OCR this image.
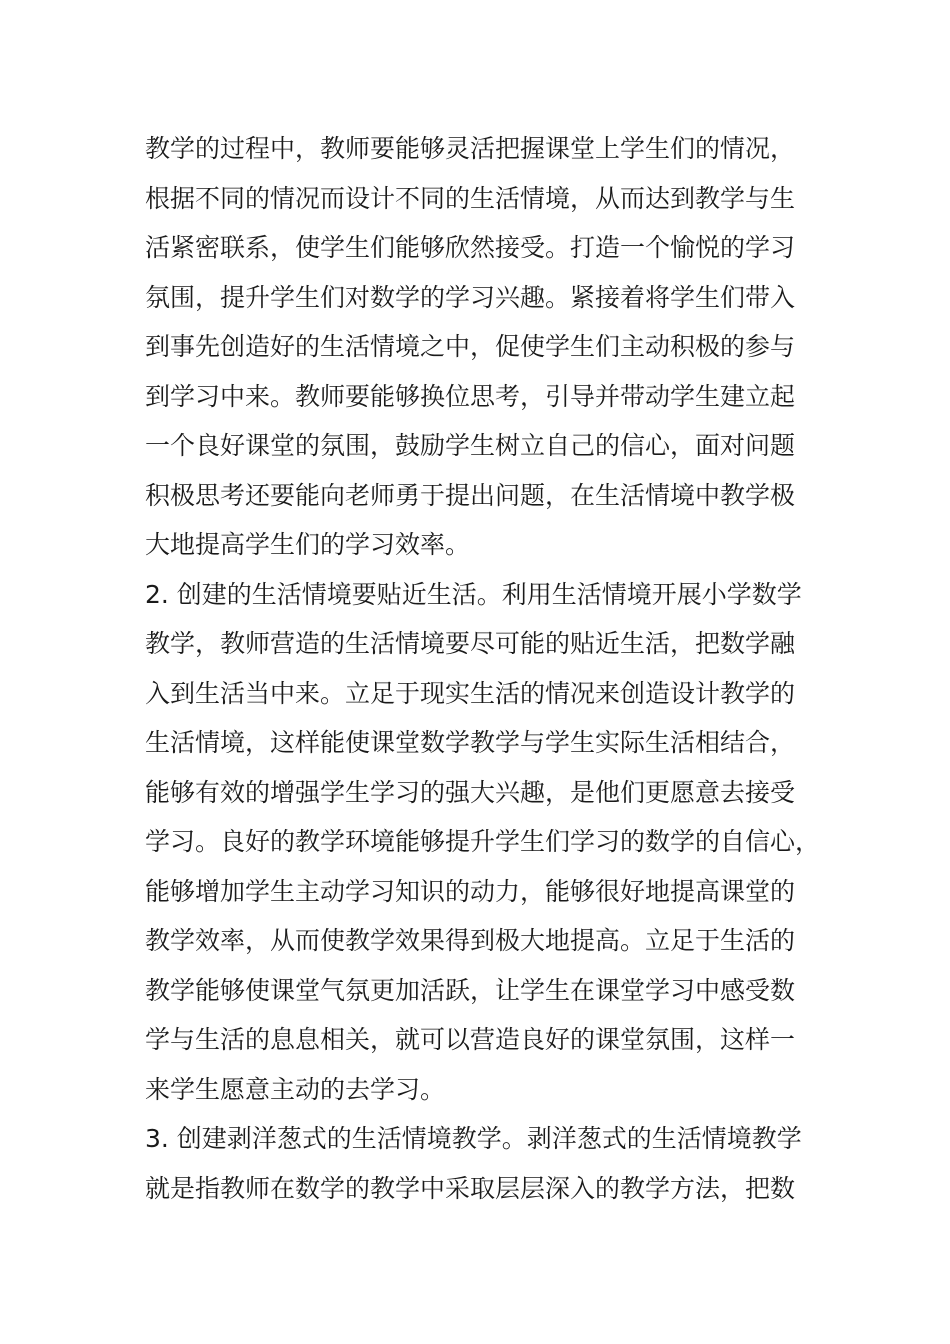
教学的过程中，教师要能够灵活把握课堂上学生们的情况，
根据不同的情况而设计不同的生活情境，从而达到教学与生
活紧密联系，使学生们能够欣然接受。打造一个愉悦的学习
氛围，提升学生们对数学的学习兴趣。紧接着将学生们带入
到事先创造好的生活情境之中，促使学生们主动积极的参与
到学习中来。教师要能够换位思考，引导并带动学生建立起
一个良好课堂的氛围，鼓励学生树立自己的信心，面对问题
积极思考还要能向老师勇于提出问题，在生活情境中教学极
大地提高学生们的学习效率。
2. 创建的生活情境要贴近生活。利用生活情境开展小学数学
教学，教师营造的生活情境要尽可能的贴近生活，把数学融
入到生活当中来。立足于现实生活的情况来创造设计教学的
生活情境，这样能使课堂数学教学与学生实际生活相结合，
能够有效的增强学生学习的强大兴趣，是他们更愿意去接受
学习。良好的教学环境能够提升学生们学习的数学的自信心，
能够增加学生主动学习知识的动力，能够很好地提高课堂的
教学效率，从而使教学效果得到极大地提高。立足于生活的
教学能够使课堂气氛更加活跃，让学生在课堂学习中感受数
学与生活的息息相关，就可以营造良好的课堂氛围，这样一
来学生愿意主动的去学习。
3. 创建剥洋葱式的生活情境教学。剥洋葱式的生活情境教学
就是指教师在数学的教学中采取层层深入的教学方法，把数
